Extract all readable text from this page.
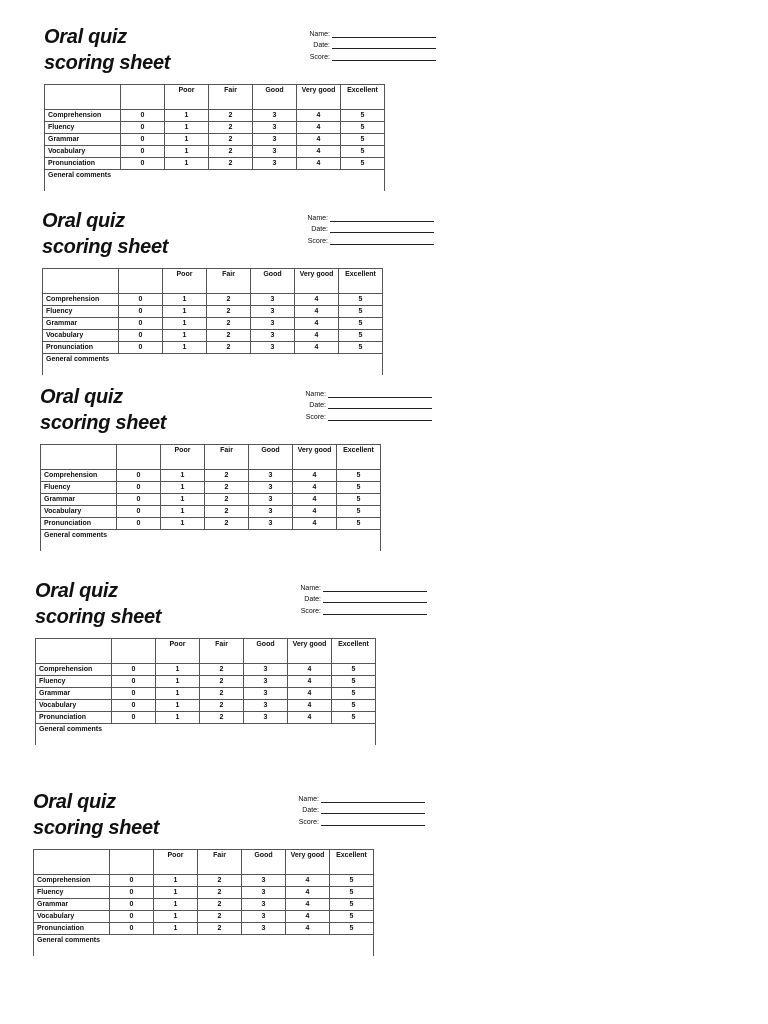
Oral quiz
scoring sheet
Name:
Date:
Score:
		Poor	Fair	Good	Very good	Excellent
Comprehension	0	1	2	3	4	5
Fluency	0	1	2	3	4	5
Grammar	0	1	2	3	4	5
Vocabulary	0	1	2	3	4	5
Pronunciation	0	1	2	3	4	5
General comments						
Oral quiz
scoring sheet
Name:
Date:
Score:
		Poor	Fair	Good	Very good	Excellent
Comprehension	0	1	2	3	4	5
Fluency	0	1	2	3	4	5
Grammar	0	1	2	3	4	5
Vocabulary	0	1	2	3	4	5
Pronunciation	0	1	2	3	4	5
General comments						
Oral quiz
scoring sheet
Name:
Date:
Score:
		Poor	Fair	Good	Very good	Excellent
Comprehension	0	1	2	3	4	5
Fluency	0	1	2	3	4	5
Grammar	0	1	2	3	4	5
Vocabulary	0	1	2	3	4	5
Pronunciation	0	1	2	3	4	5
General comments						
Oral quiz
scoring sheet
Name:
Date:
Score:
		Poor	Fair	Good	Very good	Excellent
Comprehension	0	1	2	3	4	5
Fluency	0	1	2	3	4	5
Grammar	0	1	2	3	4	5
Vocabulary	0	1	2	3	4	5
Pronunciation	0	1	2	3	4	5
General comments						
Oral quiz
scoring sheet
Name:
Date:
Score:
		Poor	Fair	Good	Very good	Excellent
Comprehension	0	1	2	3	4	5
Fluency	0	1	2	3	4	5
Grammar	0	1	2	3	4	5
Vocabulary	0	1	2	3	4	5
Pronunciation	0	1	2	3	4	5
General comments						
